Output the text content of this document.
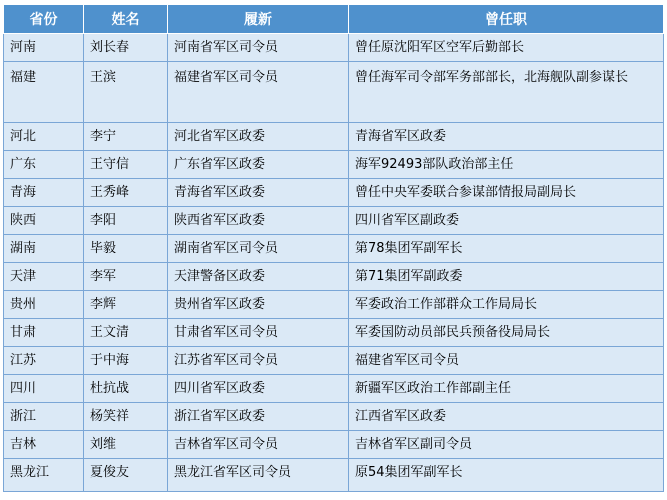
省份	姓名	履新	曾任职
河南	刘长春	河南省军区司令员	曾任原沈阳军区空军后勤部长
福建	王滨	福建省军区司令员	曾任海军司令部军务部部长，北海舰队副参谋长
河北	李宁	河北省军区政委	青海省军区政委
广东	王守信	广东省军区政委	海军92493部队政治部主任
青海	王秀峰	青海省军区政委	曾任中央军委联合参谋部情报局副局长
陕西	李阳	陕西省军区政委	四川省军区副政委
湖南	毕毅	湖南省军区司令员	第78集团军副军长
天津	李军	天津警备区政委	第71集团军副政委
贵州	李辉	贵州省军区政委	军委政治工作部群众工作局局长
甘肃	王文清	甘肃省军区司令员	军委国防动员部民兵预备役局局长
江苏	于中海	江苏省军区司令员	福建省军区司令员
四川	杜抗战	四川省军区政委	新疆军区政治工作部副主任
浙江	杨笑祥	浙江省军区政委	江西省军区政委
吉林	刘维	吉林省军区司令员	吉林省军区副司令员
黑龙江	夏俊友	黑龙江省军区司令员	原54集团军副军长
